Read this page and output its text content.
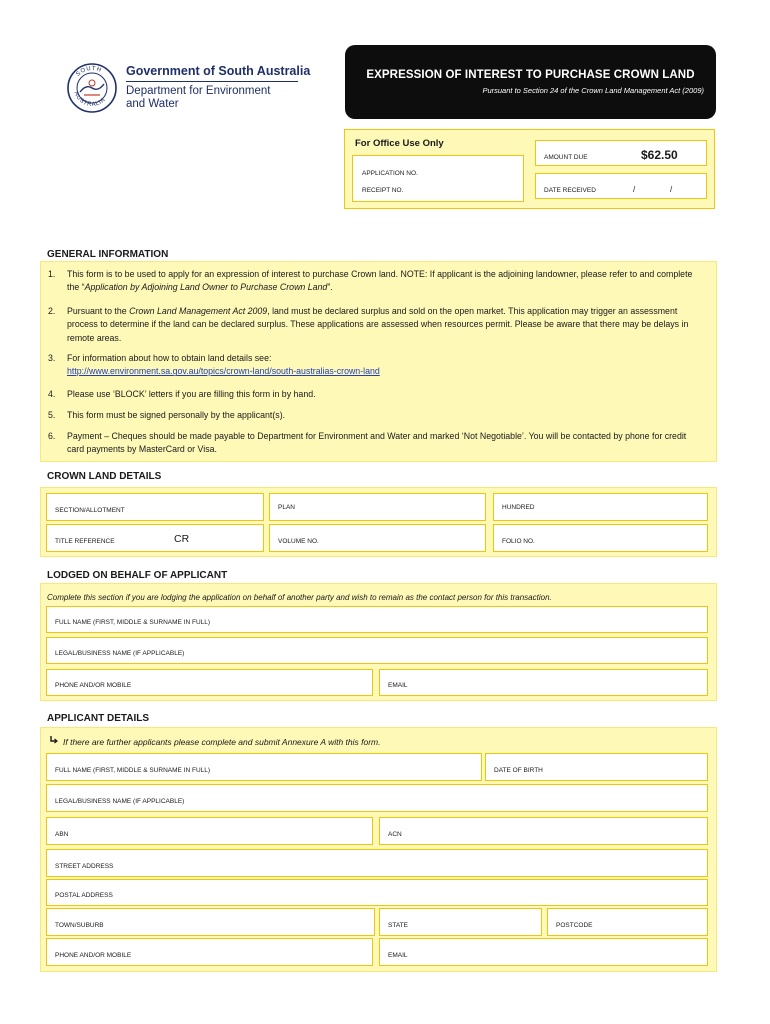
SOUTH
AUSTRALIA
Government of South Australia
Department for Environment
and Water
EXPRESSION OF INTEREST TO PURCHASE CROWN LAND
Pursuant to Section 24 of the Crown Land Management Act (2009)
For Office Use Only
APPLICATION NO.
RECEIPT NO.
AMOUNT DUE	$62.50
DATE RECEIVED	/	/
GENERAL INFORMATION
1.	This form is to be used to apply for an expression of interest to purchase Crown land. NOTE: If applicant is the adjoining landowner, please refer to and complete the “Application by Adjoining Land Owner to Purchase Crown Land”.
2.	Pursuant to the Crown Land Management Act 2009, land must be declared surplus and sold on the open market. This application may trigger an assessment process to determine if the land can be declared surplus. These applications are assessed when resources permit. Please be aware that there may be delays in remote areas.
3.	For information about how to obtain land details see:
http://www.environment.sa.gov.au/topics/crown-land/south-australias-crown-land
4.	Please use ‘BLOCK’ letters if you are filling this form in by hand.
5.	This form must be signed personally by the applicant(s).
6.	Payment – Cheques should be made payable to Department for Environment and Water and marked ‘Not Negotiable’. You will be contacted by phone for credit card payments by MasterCard or Visa.
CROWN LAND DETAILS
SECTION/ALLOTMENT	PLAN	HUNDRED
TITLE REFERENCE	CR	VOLUME NO.	FOLIO NO.
LODGED ON BEHALF OF APPLICANT
Complete this section if you are lodging the application on behalf of another party and wish to remain as the contact person for this transaction.
FULL NAME (FIRST, MIDDLE & SURNAME IN FULL)
LEGAL/BUSINESS NAME (IF APPLICABLE)
PHONE AND/OR MOBILE	EMAIL
APPLICANT DETAILS
If there are further applicants please complete and submit Annexure A with this form.
FULL NAME (FIRST, MIDDLE & SURNAME IN FULL)	DATE OF BIRTH
LEGAL/BUSINESS NAME (IF APPLICABLE)
ABN	ACN
STREET ADDRESS
POSTAL ADDRESS
TOWN/SUBURB	STATE	POSTCODE
PHONE AND/OR MOBILE	EMAIL
